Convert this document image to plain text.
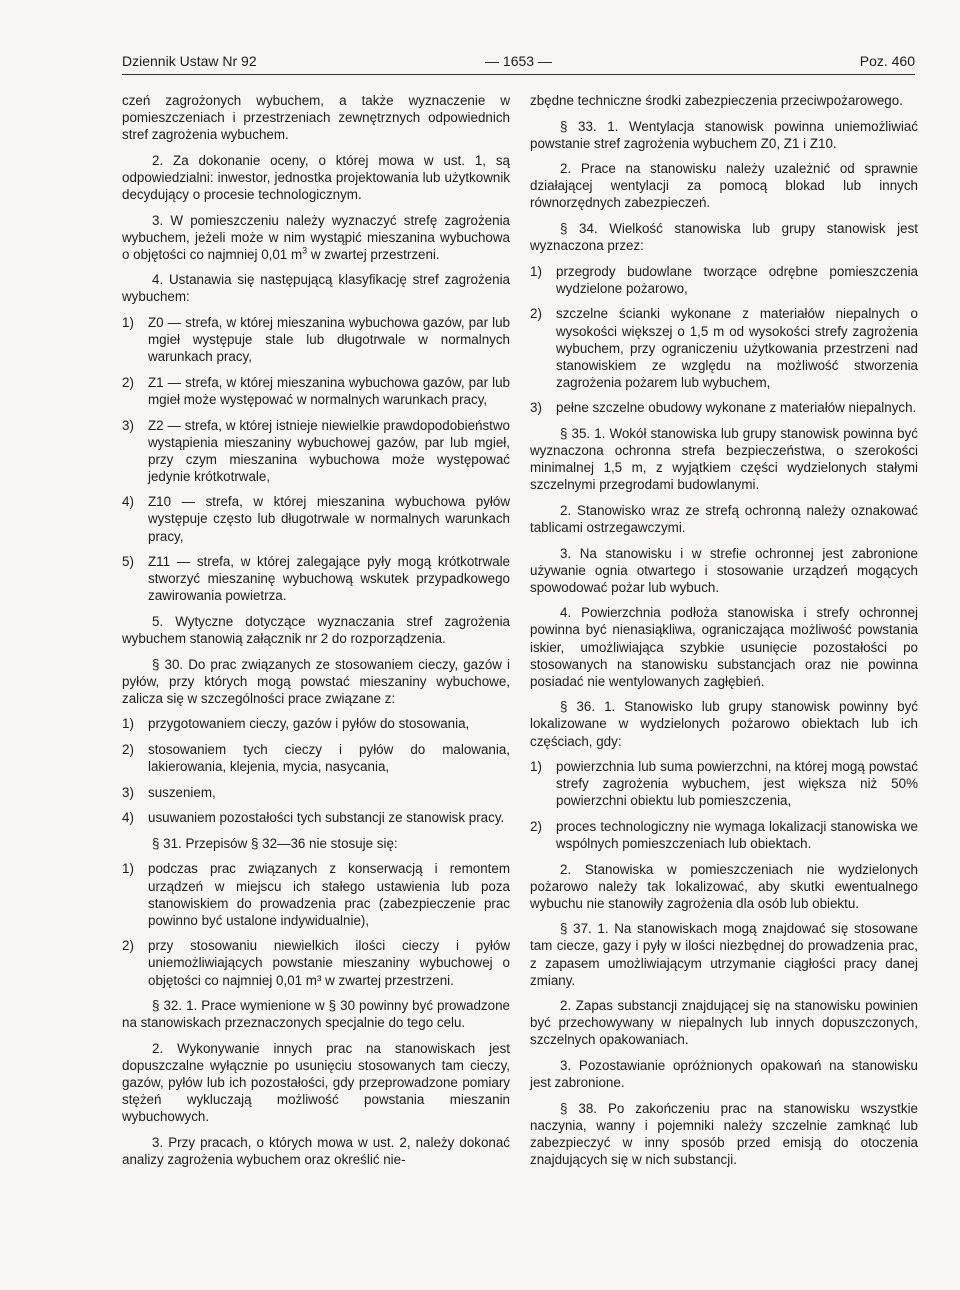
Dziennik Ustaw Nr 92	— 1653 —	Poz. 460

czeń zagrożonych wybuchem, a także wyznaczenie w pomieszczeniach i przestrzeniach zewnętrznych odpowiednich stref zagrożenia wybuchem.

2. Za dokonanie oceny, o której mowa w ust. 1, są odpowiedzialni: inwestor, jednostka projektowania lub użytkownik decydujący o procesie technologicznym.

3. W pomieszczeniu należy wyznaczyć strefę zagrożenia wybuchem, jeżeli może w nim wystąpić mieszanina wybuchowa o objętości co najmniej 0,01 $m^3$ w zwartej przestrzeni.

4. Ustanawia się następującą klasyfikację stref zagrożenia wybuchem:

1)	Z0 — strefa, w której mieszanina wybuchowa gazów, par lub mgieł występuje stale lub długotrwale w normalnych warunkach pracy,
2)	Z1 — strefa, w której mieszanina wybuchowa gazów, par lub mgieł może występować w normalnych warunkach pracy,
3)	Z2 — strefa, w której istnieje niewielkie prawdopodobieństwo wystąpienia mieszaniny wybuchowej gazów, par lub mgieł, przy czym mieszanina wybuchowa może występować jedynie krótkotrwale,
4)	Z10 — strefa, w której mieszanina wybuchowa pyłów występuje często lub długotrwale w normalnych warunkach pracy,
5)	Z11 — strefa, w której zalegające pyły mogą krótkotrwale stworzyć mieszaninę wybuchową wskutek przypadkowego zawirowania powietrza.

5. Wytyczne dotyczące wyznaczania stref zagrożenia wybuchem stanowią załącznik nr 2 do rozporządzenia.

§ 30. Do prac związanych ze stosowaniem cieczy, gazów i pyłów, przy których mogą powstać mieszaniny wybuchowe, zalicza się w szczególności prace związane z:

1)	przygotowaniem cieczy, gazów i pyłów do stosowania,
2)	stosowaniem tych cieczy i pyłów do malowania, lakierowania, klejenia, mycia, nasycania,
3)	suszeniem,
4)	usuwaniem pozostałości tych substancji ze stanowisk pracy.

§ 31. Przepisów § 32—36 nie stosuje się:

1)	podczas prac związanych z konserwacją i remontem urządzeń w miejscu ich stałego ustawienia lub poza stanowiskiem do prowadzenia prac (zabezpieczenie prac powinno być ustalone indywidualnie),
2)	przy stosowaniu niewielkich ilości cieczy i pyłów uniemożliwiających powstanie mieszaniny wybuchowej o objętości co najmniej 0,01 m³ w zwartej przestrzeni.

§ 32. 1. Prace wymienione w § 30 powinny być prowadzone na stanowiskach przeznaczonych specjalnie do tego celu.

2. Wykonywanie innych prac na stanowiskach jest dopuszczalne wyłącznie po usunięciu stosowanych tam cieczy, gazów, pyłów lub ich pozostałości, gdy przeprowadzone pomiary stężeń wykluczają możliwość powstania mieszanin wybuchowych.

3. Przy pracach, o których mowa w ust. 2, należy dokonać analizy zagrożenia wybuchem oraz określić nie-

zbędne techniczne środki zabezpieczenia przeciwpożarowego.

§ 33. 1. Wentylacja stanowisk powinna uniemożliwiać powstanie stref zagrożenia wybuchem Z0, Z1 i Z10.

2. Prace na stanowisku należy uzależnić od sprawnie działającej wentylacji za pomocą blokad lub innych równorzędnych zabezpieczeń.

§ 34. Wielkość stanowiska lub grupy stanowisk jest wyznaczona przez:

1)	przegrody budowlane tworzące odrębne pomieszczenia wydzielone pożarowo,
2)	szczelne ścianki wykonane z materiałów niepalnych o wysokości większej o 1,5 m od wysokości strefy zagrożenia wybuchem, przy ograniczeniu użytkowania przestrzeni nad stanowiskiem ze względu na możliwość stworzenia zagrożenia pożarem lub wybuchem,
3)	pełne szczelne obudowy wykonane z materiałów niepalnych.

§ 35. 1. Wokół stanowiska lub grupy stanowisk powinna być wyznaczona ochronna strefa bezpieczeństwa, o szerokości minimalnej 1,5 m, z wyjątkiem części wydzielonych stałymi szczelnymi przegrodami budowlanymi.

2. Stanowisko wraz ze strefą ochronną należy oznakować tablicami ostrzegawczymi.

3. Na stanowisku i w strefie ochronnej jest zabronione używanie ognia otwartego i stosowanie urządzeń mogących spowodować pożar lub wybuch.

4. Powierzchnia podłoża stanowiska i strefy ochronnej powinna być nienasiąkliwa, ograniczająca możliwość powstania iskier, umożliwiająca szybkie usunięcie pozostałości po stosowanych na stanowisku substancjach oraz nie powinna posiadać nie wentylowanych zagłębień.

§ 36. 1. Stanowisko lub grupy stanowisk powinny być lokalizowane w wydzielonych pożarowo obiektach lub ich częściach, gdy:

1)	powierzchnia lub suma powierzchni, na której mogą powstać strefy zagrożenia wybuchem, jest większa niż 50% powierzchni obiektu lub pomieszczenia,
2)	proces technologiczny nie wymaga lokalizacji stanowiska we wspólnych pomieszczeniach lub obiektach.

2. Stanowiska w pomieszczeniach nie wydzielonych pożarowo należy tak lokalizować, aby skutki ewentualnego wybuchu nie stanowiły zagrożenia dla osób lub obiektu.

§ 37. 1. Na stanowiskach mogą znajdować się stosowane tam ciecze, gazy i pyły w ilości niezbędnej do prowadzenia prac, z zapasem umożliwiającym utrzymanie ciągłości pracy danej zmiany.

2. Zapas substancji znajdującej się na stanowisku powinien być przechowywany w niepalnych lub innych dopuszczonych, szczelnych opakowaniach.

3. Pozostawianie opróżnionych opakowań na stanowisku jest zabronione.

§ 38. Po zakończeniu prac na stanowisku wszystkie naczynia, wanny i pojemniki należy szczelnie zamknąć lub zabezpieczyć w inny sposób przed emisją do otoczenia znajdujących się w nich substancji.
